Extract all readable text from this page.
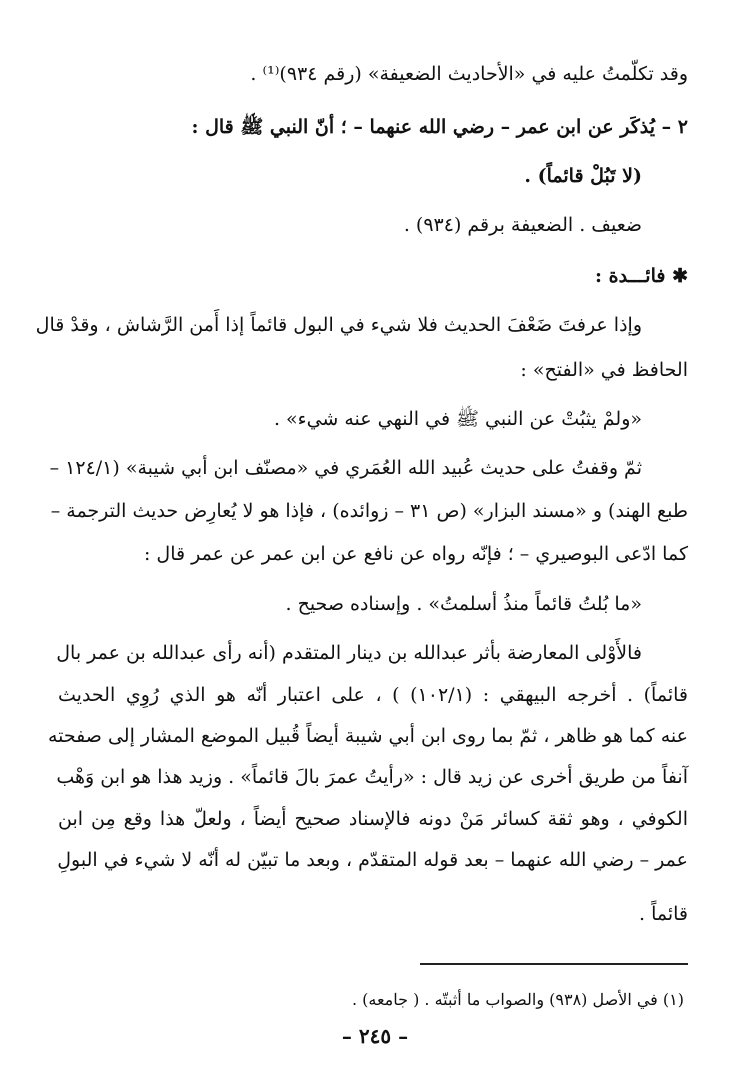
وقد تكلّمتُ عليه في «الأحاديث الضعيفة» (رقم ٩٣٤)⁽¹⁾ .
٢ – يُذكَر عن ابن عمر – رضي الله عنهما – ؛ أنّ النبي ﷺ قال :
(لا تَبُلْ قائماً) .
ضعيف . الضعيفة برقم (٩٣٤) .
✱ فائـــدة :
وإذا عرفتَ ضَعْفَ الحديث فلا شيء في البول قائماً إذا أَمن الرَّشاش ، وقدْ قال
الحافظ في «الفتح» :
«ولمْ يثبُتْ عن النبي ﷺ في النهي عنه شيء» .
ثمّ وقفتُ على حديث عُبيد الله العُمَري في «مصنّف ابن أبي شيبة» (١٢٤/١ –
طبع الهند) و «مسند البزار» (ص ٣١ – زوائده) ، فإذا هو لا يُعارِض حديث الترجمة –
كما ادّعى البوصيري – ؛ فإنّه رواه عن نافع عن ابن عمر عن عمر قال :
«ما بُلتُ قائماً منذُ أسلمتُ» . وإسناده صحيح .
فالأَوْلى المعارضة بأثر عبدالله بن دينار المتقدم (أنه رأى عبدالله بن عمر بال
قائماً) . أخرجه البيهقي : (١٠٢/١) ) ، على اعتبار أنّه هو الذي رُوِي الحديث
عنه كما هو ظاهر ، ثمّ بما روى ابن أبي شيبة أيضاً قُبيل الموضع المشار إلى صفحته
آنفاً من طريق أخرى عن زيد قال : «رأيتُ عمرَ بالَ قائماً» . وزيد هذا هو ابن وَهْب
الكوفي ، وهو ثقة كسائر مَنْ دونه فالإسناد صحيح أيضاً ، ولعلّ هذا وقع مِن ابن
عمر – رضي الله عنهما – بعد قوله المتقدّم ، وبعد ما تبيّن له أنّه لا شيء في البولِ
قائماً .
(١) في الأصل (٩٣٨) والصواب ما أثبتّه . ( جامعه) .
– ٢٤٥ –
